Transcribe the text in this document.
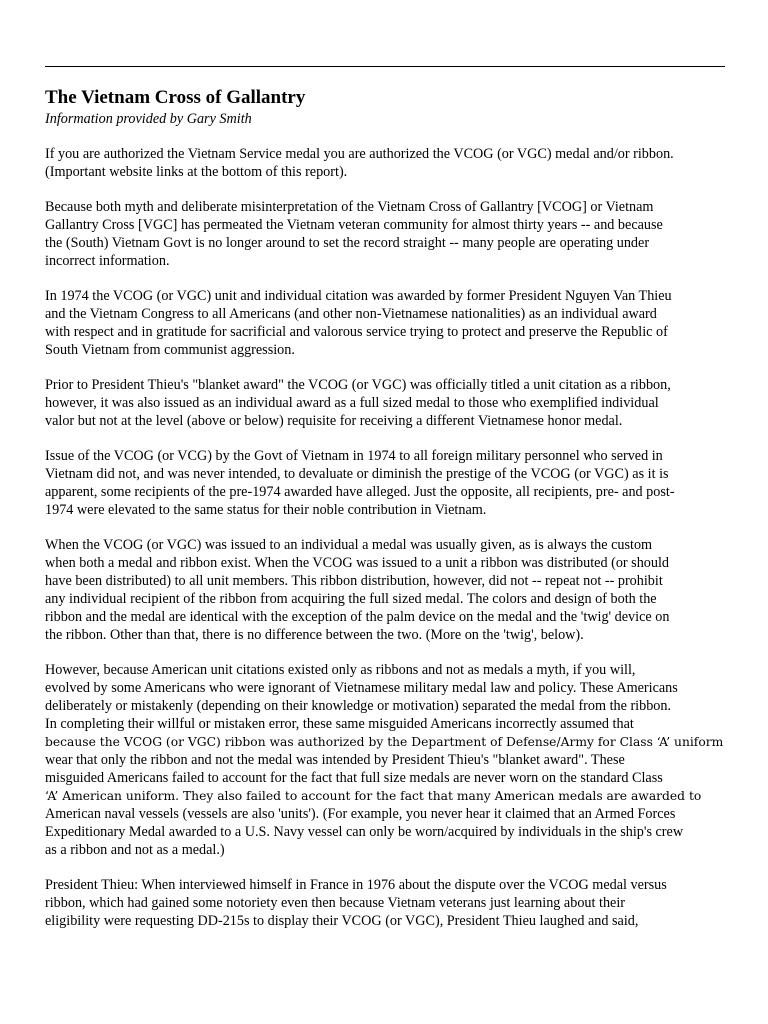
The Vietnam Cross of Gallantry
Information provided by Gary Smith

If you are authorized the Vietnam Service medal you are authorized the VCOG (or VGC) medal and/or ribbon.
(Important website links at the bottom of this report).

Because both myth and deliberate misinterpretation of the Vietnam Cross of Gallantry [VCOG] or Vietnam
Gallantry Cross [VGC] has permeated the Vietnam veteran community for almost thirty years -- and because
the (South) Vietnam Govt is no longer around to set the record straight -- many people are operating under
incorrect information.

In 1974 the VCOG (or VGC) unit and individual citation was awarded by former President Nguyen Van Thieu
and the Vietnam Congress to all Americans (and other non-Vietnamese nationalities) as an individual award
with respect and in gratitude for sacrificial and valorous service trying to protect and preserve the Republic of
South Vietnam from communist aggression.

Prior to President Thieu's "blanket award" the VCOG (or VGC) was officially titled a unit citation as a ribbon,
however, it was also issued as an individual award as a full sized medal to those who exemplified individual
valor but not at the level (above or below) requisite for receiving a different Vietnamese honor medal.

Issue of the VCOG (or VCG) by the Govt of Vietnam in 1974 to all foreign military personnel who served in
Vietnam did not, and was never intended, to devaluate or diminish the prestige of the VCOG (or VGC) as it is
apparent, some recipients of the pre-1974 awarded have alleged. Just the opposite, all recipients, pre- and post-
1974 were elevated to the same status for their noble contribution in Vietnam.

When the VCOG (or VGC) was issued to an individual a medal was usually given, as is always the custom
when both a medal and ribbon exist. When the VCOG was issued to a unit a ribbon was distributed (or should
have been distributed) to all unit members. This ribbon distribution, however, did not -- repeat not -- prohibit
any individual recipient of the ribbon from acquiring the full sized medal. The colors and design of both the
ribbon and the medal are identical with the exception of the palm device on the medal and the 'twig' device on
the ribbon. Other than that, there is no difference between the two. (More on the 'twig', below).

However, because American unit citations existed only as ribbons and not as medals a myth, if you will,
evolved by some Americans who were ignorant of Vietnamese military medal law and policy. These Americans
deliberately or mistakenly (depending on their knowledge or motivation) separated the medal from the ribbon.
In completing their willful or mistaken error, these same misguided Americans incorrectly assumed that
because the VCOG (or VGC) ribbon was authorized by the Department of Defense/Army for Class ‘A’ uniform
wear that only the ribbon and not the medal was intended by President Thieu's "blanket award". These
misguided Americans failed to account for the fact that full size medals are never worn on the standard Class
‘A’ American uniform. They also failed to account for the fact that many American medals are awarded to
American naval vessels (vessels are also 'units'). (For example, you never hear it claimed that an Armed Forces
Expeditionary Medal awarded to a U.S. Navy vessel can only be worn/acquired by individuals in the ship's crew
as a ribbon and not as a medal.)

President Thieu: When interviewed himself in France in 1976 about the dispute over the VCOG medal versus
ribbon, which had gained some notoriety even then because Vietnam veterans just learning about their
eligibility were requesting DD-215s to display their VCOG (or VGC), President Thieu laughed and said,
